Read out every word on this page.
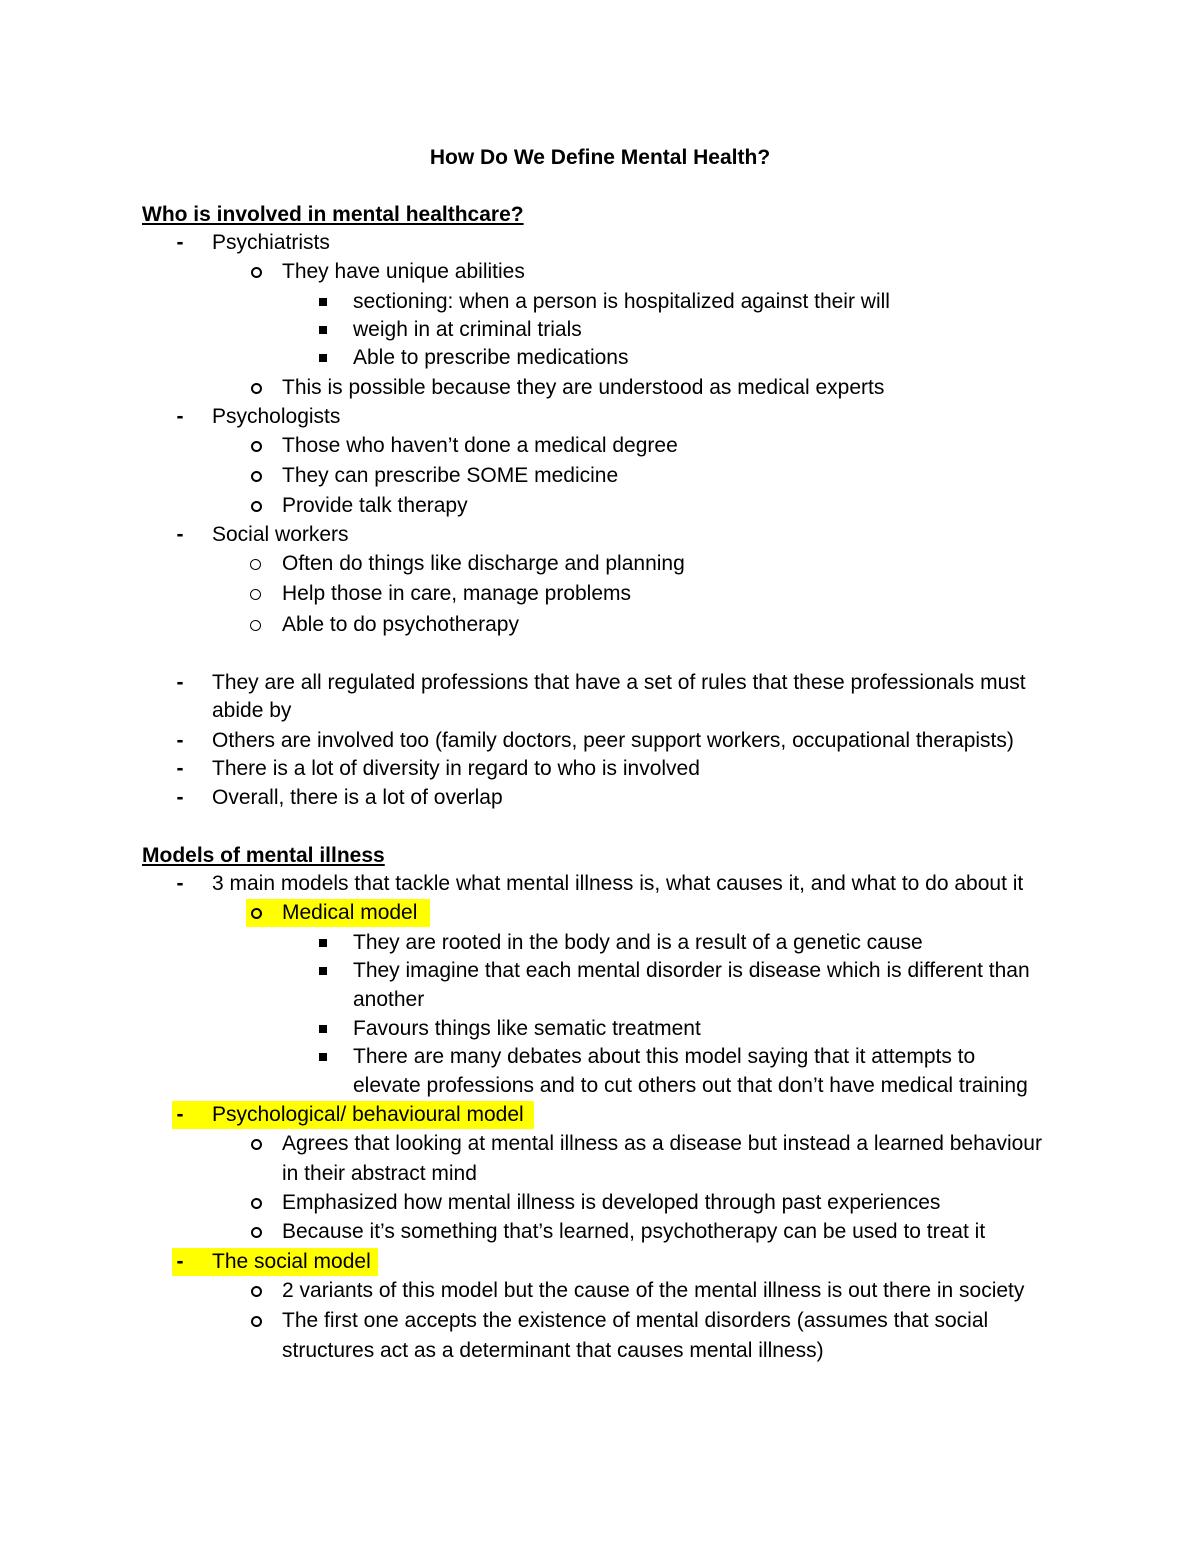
How Do We Define Mental Health?
Who is involved in mental healthcare?
- Psychiatrists
They have unique abilities
sectioning: when a person is hospitalized against their will
weigh in at criminal trials
Able to prescribe medications
This is possible because they are understood as medical experts
- Psychologists
Those who haven’t done a medical degree
They can prescribe SOME medicine
Provide talk therapy
- Social workers
Often do things like discharge and planning
Help those in care, manage problems
Able to do psychotherapy
- They are all regulated professions that have a set of rules that these professionals must
abide by
- Others are involved too (family doctors, peer support workers, occupational therapists)
- There is a lot of diversity in regard to who is involved
- Overall, there is a lot of overlap
Models of mental illness
- 3 main models that tackle what mental illness is, what causes it, and what to do about it
Medical model
They are rooted in the body and is a result of a genetic cause
They imagine that each mental disorder is disease which is different than
another
Favours things like sematic treatment
There are many debates about this model saying that it attempts to
elevate professions and to cut others out that don’t have medical training
- Psychological/ behavioural model
Agrees that looking at mental illness as a disease but instead a learned behaviour
in their abstract mind
Emphasized how mental illness is developed through past experiences
Because it’s something that’s learned, psychotherapy can be used to treat it
- The social model
2 variants of this model but the cause of the mental illness is out there in society
The first one accepts the existence of mental disorders (assumes that social
structures act as a determinant that causes mental illness)
